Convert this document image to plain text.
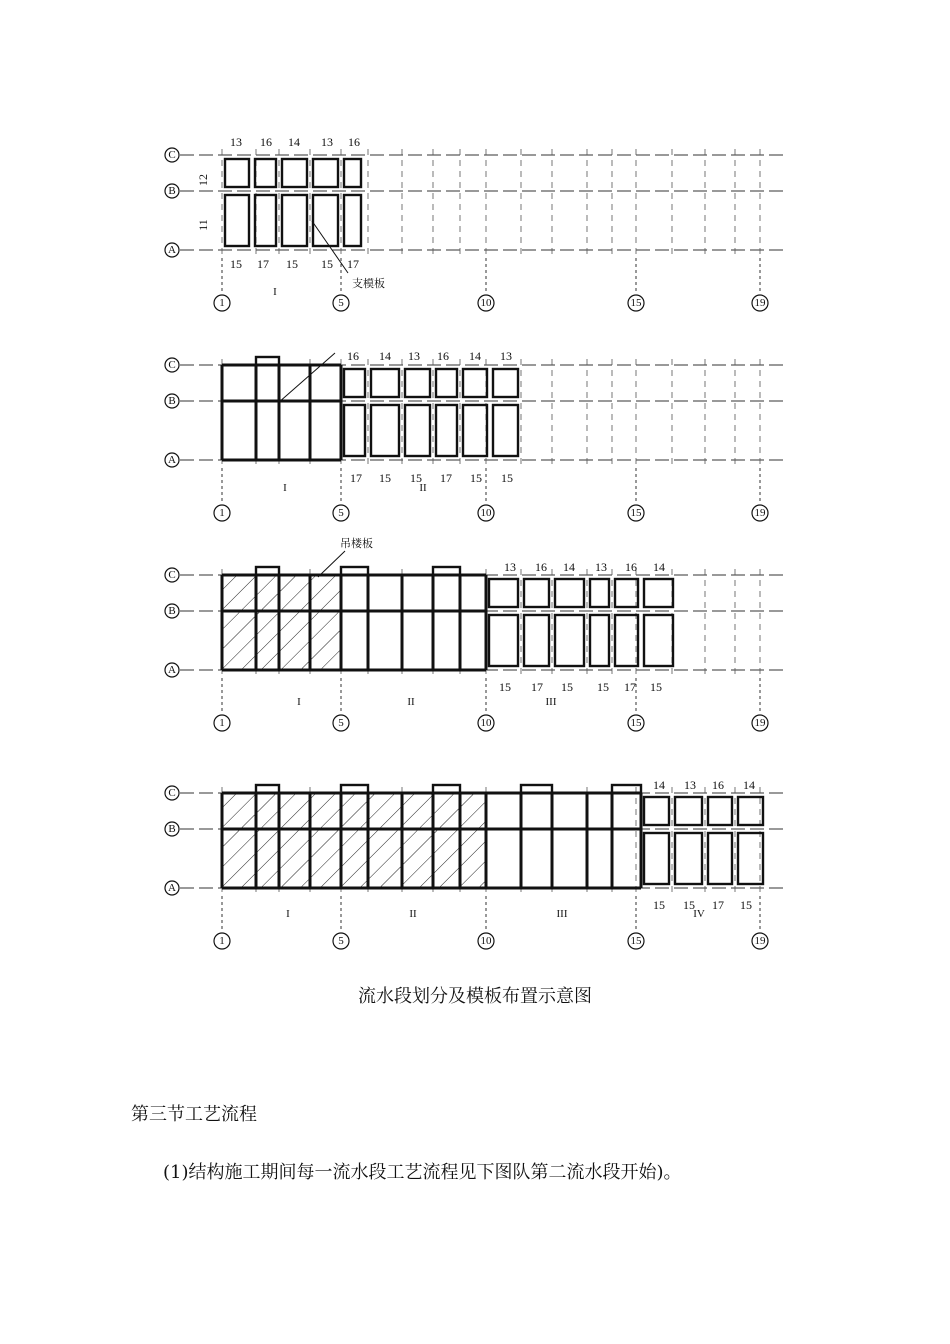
C
B
A
1	5	10	15	19
13 16 14 13 16
15 17 15 15 17
12
11
I
支模板
C
B
A
1	5	10	15	19
16 14 13 16 14 13
17 15 15 17 15 15
I	II
C
B
A
1	5	10	15	19
13 16 14 13 16 14
15 17 15 15 17 15
I	II	III
吊楼板
C
B
A
1	5	10	15	19
14 13 16 14
15 15 17 15
I	II	III	IV
流水段划分及模板布置示意图
第三节工艺流程
(1)结构施工期间每一流水段工艺流程见下图队第二流水段开始)。
